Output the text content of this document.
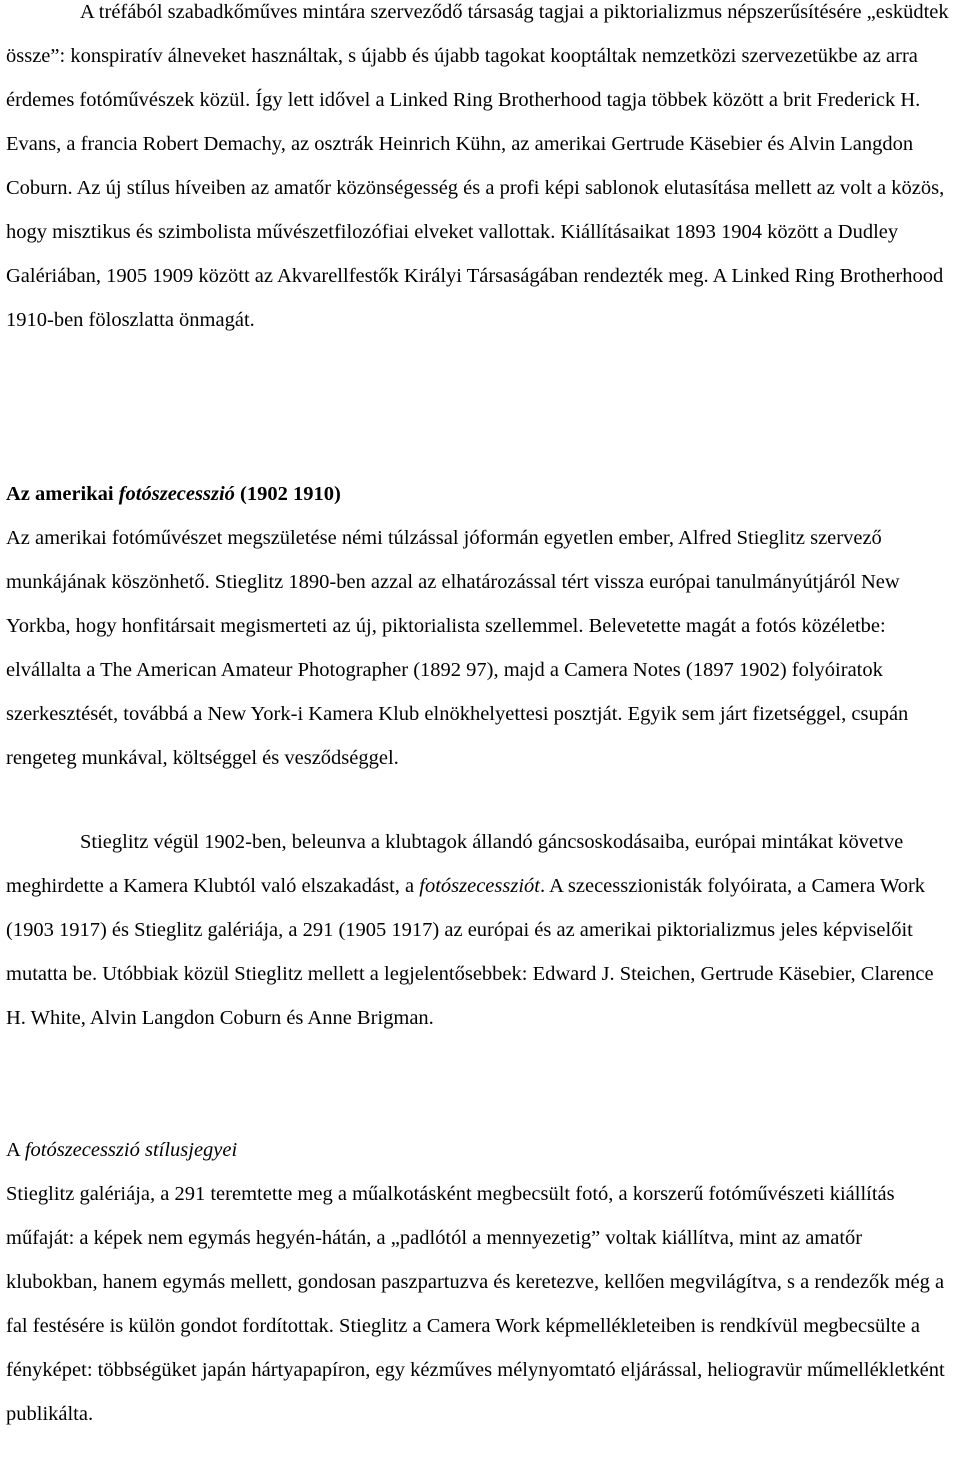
A tréfából szabadkőműves mintára szerveződő társaság tagjai a piktorializmus népszerűsítésére „esküdtek össze”: konspiratív álneveket használtak, s újabb és újabb tagokat kooptáltak nemzetközi szervezetükbe az arra érdemes fotóművészek közül. Így lett idővel a Linked Ring Brotherhood tagja többek között a brit Frederick H. Evans, a francia Robert Demachy, az osztrák Heinrich Kühn, az amerikai Gertrude Käsebier és Alvin Langdon Coburn. Az új stílus híveiben az amatőr közönségesség és a profi képi sablonok elutasítása mellett az volt a közös, hogy misztikus és szimbolista művészetfilozófiai elveket vallottak. Kiállításaikat 1893 1904 között a Dudley Galériában, 1905 1909 között az Akvarellfestők Királyi Társaságában rendezték meg. A Linked Ring Brotherhood 1910-ben föloszlatta önmagát.

Az amerikai fotószecesszió (1902 1910)

Az amerikai fotóművészet megszületése némi túlzással jóformán egyetlen ember, Alfred Stieglitz szervező munkájának köszönhető. Stieglitz 1890-ben azzal az elhatározással tért vissza európai tanulmányútjáról New Yorkba, hogy honfitársait megismerteti az új, piktorialista szellemmel. Belevetette magát a fotós közéletbe: elvállalta a The American Amateur Photographer (1892 97), majd a Camera Notes (1897 1902) folyóiratok szerkesztését, továbbá a New York-i Kamera Klub elnökhelyettesi posztját. Egyik sem járt fizetséggel, csupán rengeteg munkával, költséggel és vesződséggel.

Stieglitz végül 1902-ben, beleunva a klubtagok állandó gáncsoskodásaiba, európai mintákat követve meghirdette a Kamera Klubtól való elszakadást, a fotószecessziót. A szecesszionisták folyóirata, a Camera Work (1903 1917) és Stieglitz galériája, a 291 (1905 1917) az európai és az amerikai piktorializmus jeles képviselőit mutatta be. Utóbbiak közül Stieglitz mellett a legjelentősebbek: Edward J. Steichen, Gertrude Käsebier, Clarence H. White, Alvin Langdon Coburn és Anne Brigman.

A fotószecesszió stílusjegyei

Stieglitz galériája, a 291 teremtette meg a műalkotásként megbecsült fotó, a korszerű fotóművészeti kiállítás műfaját: a képek nem egymás hegyén-hátán, a „padlótól a mennyezetig” voltak kiállítva, mint az amatőr klubokban, hanem egymás mellett, gondosan paszpartuzva és keretezve, kellően megvilágítva, s a rendezők még a fal festésére is külön gondot fordítottak. Stieglitz a Camera Work képmellékleteiben is rendkívül megbecsülte a fényképet: többségüket japán hártyapapíron, egy kézműves mélynyomtató eljárással, heliogravür műmellékletként publikálta.
